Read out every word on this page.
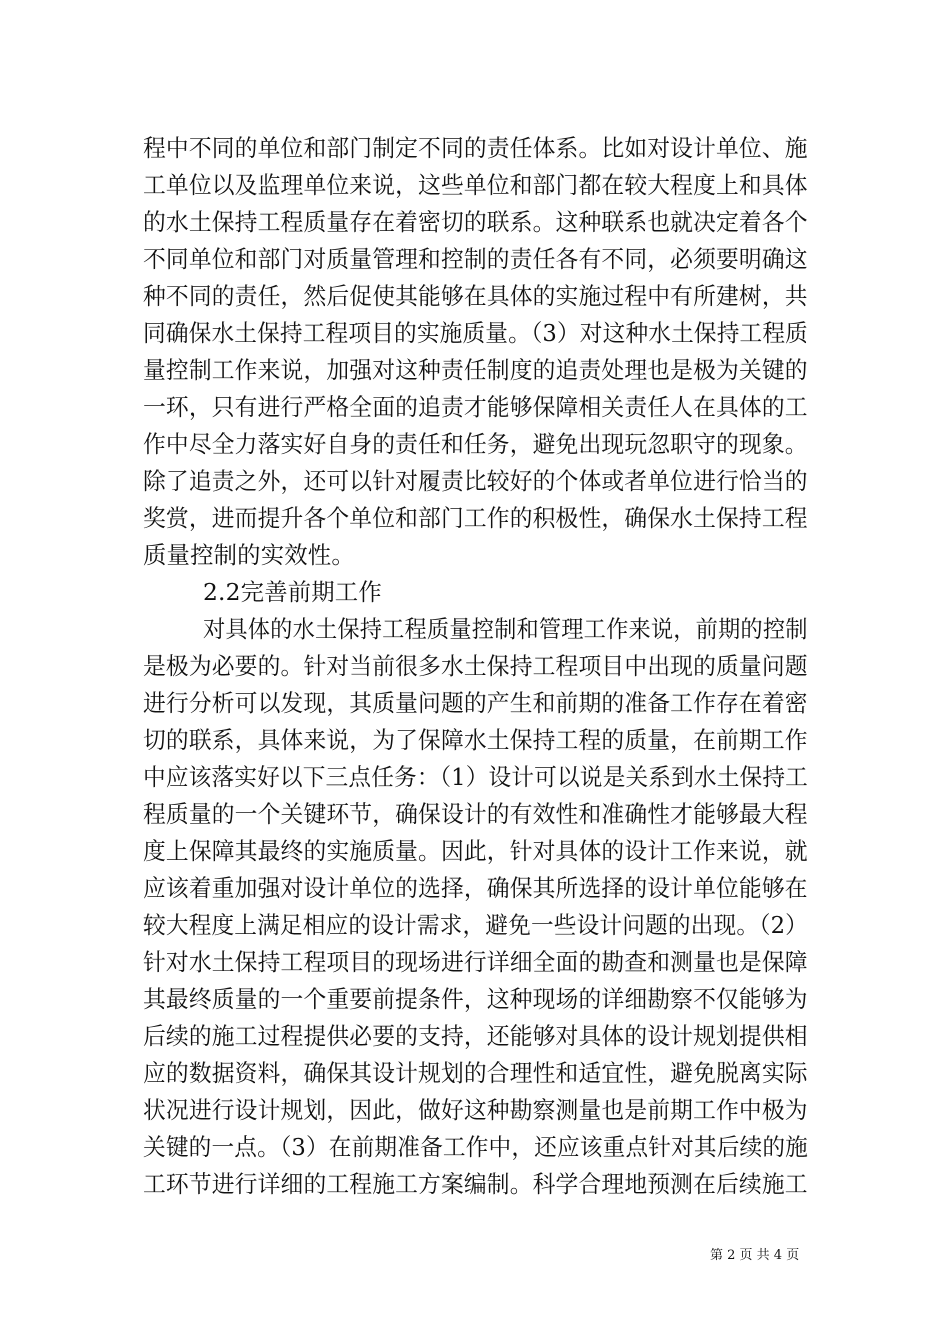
程中不同的单位和部门制定不同的责任体系。比如对设计单位、施
工单位以及监理单位来说，这些单位和部门都在较大程度上和具体
的水土保持工程质量存在着密切的联系。这种联系也就决定着各个
不同单位和部门对质量管理和控制的责任各有不同，必须要明确这
种不同的责任，然后促使其能够在具体的实施过程中有所建树，共
同确保水土保持工程项目的实施质量。（3）对这种水土保持工程质
量控制工作来说，加强对这种责任制度的追责处理也是极为关键的
一环，只有进行严格全面的追责才能够保障相关责任人在具体的工
作中尽全力落实好自身的责任和任务，避免出现玩忽职守的现象。
除了追责之外，还可以针对履责比较好的个体或者单位进行恰当的
奖赏，进而提升各个单位和部门工作的积极性，确保水土保持工程
质量控制的实效性。
2.2完善前期工作
对具体的水土保持工程质量控制和管理工作来说，前期的控制
是极为必要的。针对当前很多水土保持工程项目中出现的质量问题
进行分析可以发现，其质量问题的产生和前期的准备工作存在着密
切的联系，具体来说，为了保障水土保持工程的质量，在前期工作
中应该落实好以下三点任务：（1）设计可以说是关系到水土保持工
程质量的一个关键环节，确保设计的有效性和准确性才能够最大程
度上保障其最终的实施质量。因此，针对具体的设计工作来说，就
应该着重加强对设计单位的选择，确保其所选择的设计单位能够在
较大程度上满足相应的设计需求，避免一些设计问题的出现。（2）
针对水土保持工程项目的现场进行详细全面的勘查和测量也是保障
其最终质量的一个重要前提条件，这种现场的详细勘察不仅能够为
后续的施工过程提供必要的支持，还能够对具体的设计规划提供相
应的数据资料，确保其设计规划的合理性和适宜性，避免脱离实际
状况进行设计规划，因此，做好这种勘察测量也是前期工作中极为
关键的一点。（3）在前期准备工作中，还应该重点针对其后续的施
工环节进行详细的工程施工方案编制。科学合理地预测在后续施工
第 2 页 共 4 页
